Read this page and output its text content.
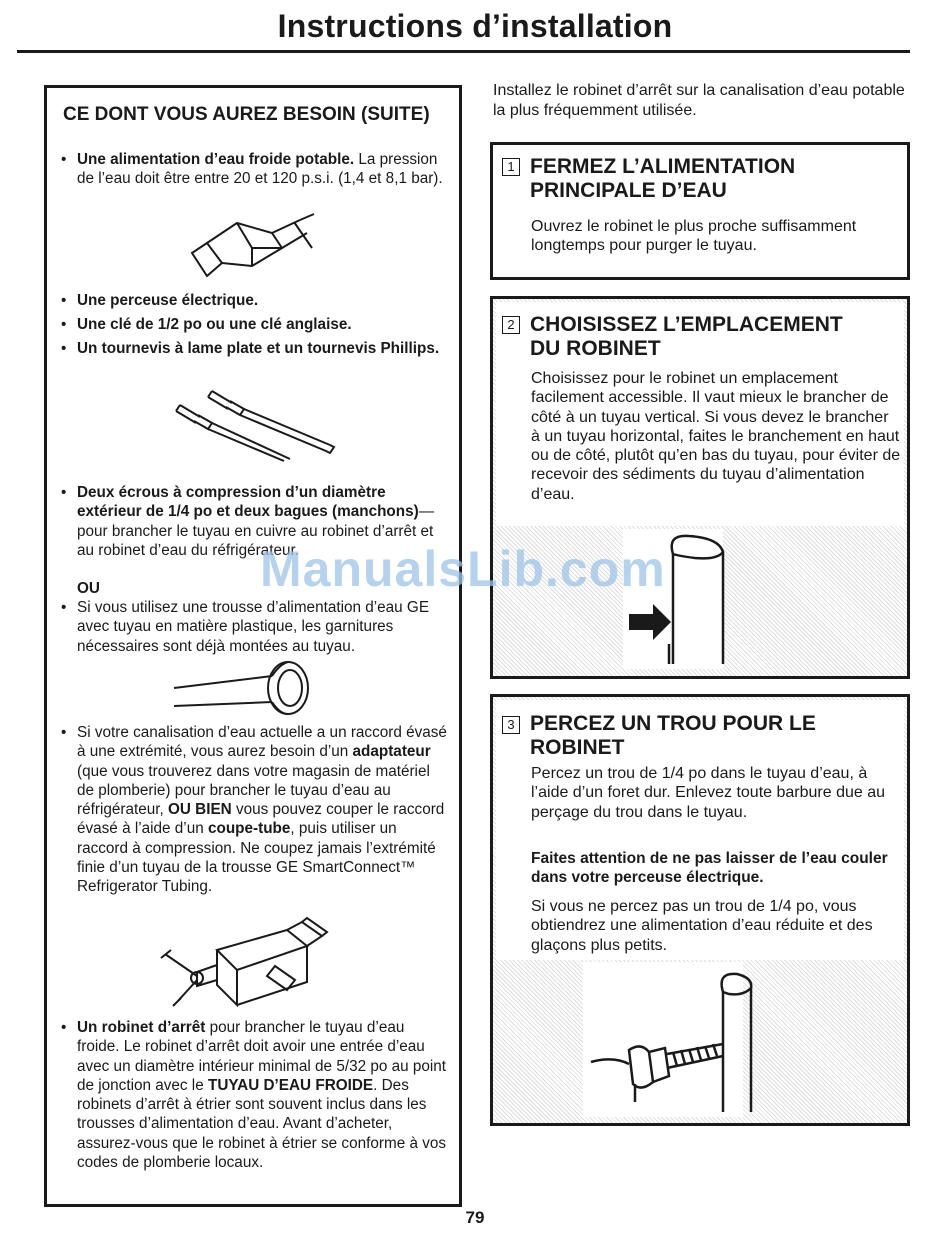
Instructions d’installation
CE DONT VOUS AUREZ BESOIN (SUITE)
• Une alimentation d’eau froide potable. La pression de l’eau doit être entre 20 et 120 p.s.i. (1,4 et 8,1 bar).
• Une perceuse électrique.
• Une clé de 1/2 po ou une clé anglaise.
• Un tournevis à lame plate et un tournevis Phillips.
• Deux écrous à compression d’un diamètre extérieur de 1/4 po et deux bagues (manchons)—pour brancher le tuyau en cuivre au robinet d’arrêt et au robinet d’eau du réfrigérateur.
OU
• Si vous utilisez une trousse d’alimentation d’eau GE avec tuyau en matière plastique, les garnitures nécessaires sont déjà montées au tuyau.
• Si votre canalisation d’eau actuelle a un raccord évasé à une extrémité, vous aurez besoin d’un adaptateur (que vous trouverez dans votre magasin de matériel de plomberie) pour brancher le tuyau d’eau au réfrigérateur, OU BIEN vous pouvez couper le raccord évasé à l’aide d’un coupe-tube, puis utiliser un raccord à compression. Ne coupez jamais l’extrémité finie d’un tuyau de la trousse GE SmartConnect™ Refrigerator Tubing.
• Un robinet d’arrêt pour brancher le tuyau d’eau froide. Le robinet d’arrêt doit avoir une entrée d’eau avec un diamètre intérieur minimal de 5/32 po au point de jonction avec le TUYAU D’EAU FROIDE. Des robinets d’arrêt à étrier sont souvent inclus dans les trousses d’alimentation d’eau. Avant d’acheter, assurez-vous que le robinet à étrier se conforme à vos codes de plomberie locaux.

Installez le robinet d’arrêt sur la canalisation d’eau potable la plus fréquemment utilisée.

1 FERMEZ L’ALIMENTATION
PRINCIPALE D’EAU

Ouvrez le robinet le plus proche suffisamment longtemps pour purger le tuyau.

2 CHOISISSEZ L’EMPLACEMENT
DU ROBINET

Choisissez pour le robinet un emplacement facilement accessible. Il vaut mieux le brancher de côté à un tuyau vertical. Si vous devez le brancher à un tuyau horizontal, faites le branchement en haut ou de côté, plutôt qu’en bas du tuyau, pour éviter de recevoir des sédiments du tuyau d’alimentation d’eau.

3 PERCEZ UN TROU POUR LE
ROBINET

Percez un trou de 1/4 po dans le tuyau d’eau, à l’aide d’un foret dur. Enlevez toute barbure due au perçage du trou dans le tuyau.

Faites attention de ne pas laisser de l’eau couler dans votre perceuse électrique.

Si vous ne percez pas un trou de 1/4 po, vous obtiendrez une alimentation d’eau réduite et des glaçons plus petits.

ManualsLib.com
79
